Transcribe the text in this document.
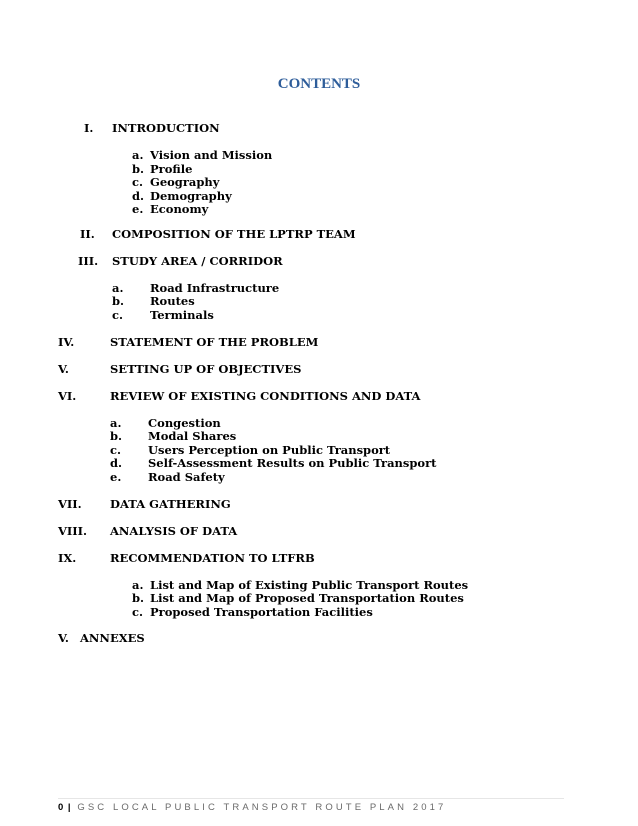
CONTENTS
I. INTRODUCTION
a. Vision and Mission
b. Profile
c. Geography
d. Demography
e. Economy
II. COMPOSITION OF THE LPTRP TEAM
III. STUDY AREA / CORRIDOR
a. Road Infrastructure
b. Routes
c. Terminals
IV.	STATEMENT OF THE PROBLEM
V.	SETTING UP OF OBJECTIVES
VI.	REVIEW OF EXISTING CONDITIONS AND DATA
a. Congestion
b. Modal Shares
c. Users Perception on Public Transport
d. Self-Assessment Results on Public Transport
e. Road Safety
VII. DATA GATHERING
VIII. ANALYSIS OF DATA
IX.	RECOMMENDATION TO LTFRB
a. List and Map of Existing Public Transport Routes
b. List and Map of Proposed Transportation Routes
c. Proposed Transportation Facilities
V. ANNEXES
0 | GSC LOCAL PUBLIC TRANSPORT ROUTE PLAN 2017
